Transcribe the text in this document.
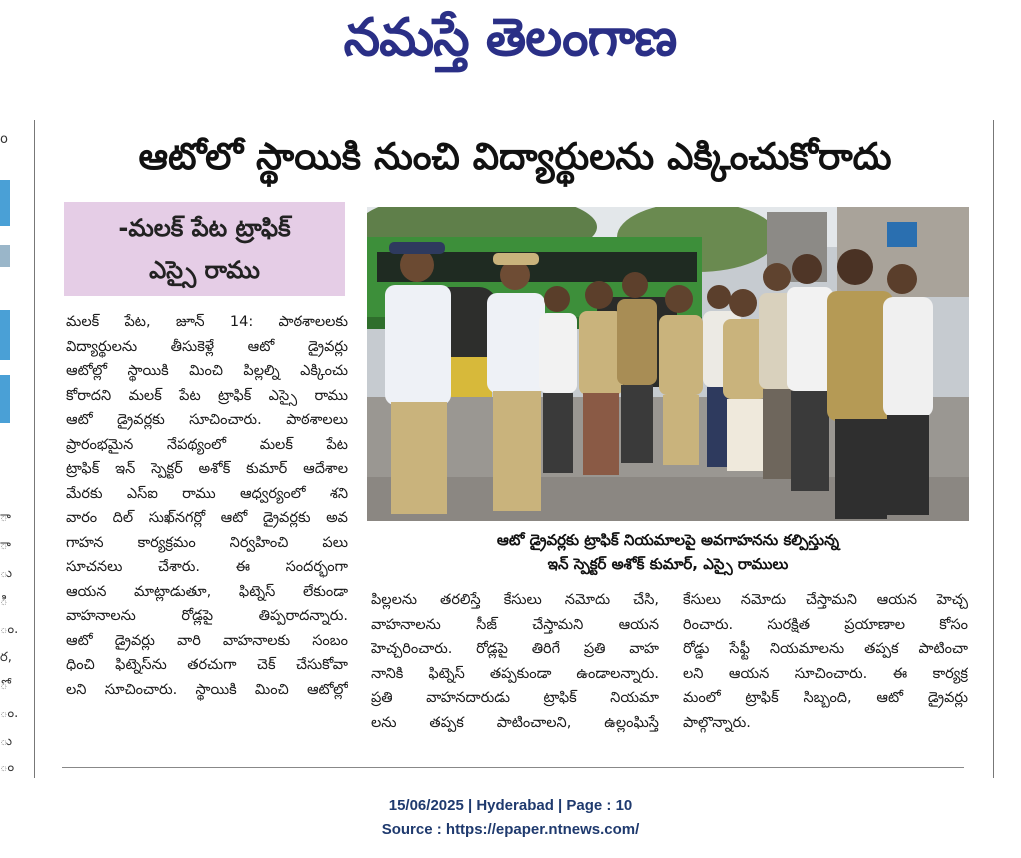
నమస్తే తెలంగాణ
o
ా
ా
ు
ి
ం.
ర,
ో
ం.
ు
ం
ఆటోలో స్థాయికి నుంచి విద్యార్థులను ఎక్కించుకోరాదు
-మలక్ పేట ట్రాఫిక్
ఎస్సై రాము
మలక్ పేట, జూన్ 14: పాఠశాలలకు
విద్యార్థులను తీసుకెళ్లే ఆటో డ్రైవర్లు
ఆటోల్లో స్థాయికి మించి పిల్లల్ని ఎక్కించు
కోరాదని మలక్ పేట ట్రాఫిక్ ఎస్సై రాము
ఆటో డ్రైవర్లకు సూచించారు. పాఠశాలలు
ప్రారంభమైన నేపథ్యంలో మలక్ పేట
ట్రాఫిక్ ఇన్ స్పెక్టర్ అశోక్ కుమార్ ఆదేశాల
మేరకు ఎస్ఐ రాము ఆధ్వర్యంలో శని
వారం దిల్ సుఖ్‌నగర్లో ఆటో డ్రైవర్లకు అవ
గాహన కార్యక్రమం నిర్వహించి పలు
సూచనలు చేశారు. ఈ సందర్భంగా
ఆయన మాట్లాడుతూ, ఫిట్నెస్ లేకుండా
వాహనాలను రోడ్లపై తిప్పరాదన్నారు.
ఆటో డ్రైవర్లు వారి వాహనాలకు సంబం
ధించి ఫిట్నెస్‌ను తరచుగా చెక్ చేసుకోవా
లని సూచించారు. స్థాయికి మించి ఆటోల్లో
ఆటో డ్రైవర్లకు ట్రాఫిక్ నియమాలపై అవగాహనను కల్పిస్తున్న
ఇన్ స్పెక్టర్ అశోక్ కుమార్, ఎస్సై రాములు
పిల్లలను తరలిస్తే కేసులు నమోదు చేసి,
వాహనాలను సీజ్ చేస్తామని ఆయన
హెచ్చరించారు. రోడ్లపై తిరిగే ప్రతి వాహ
నానికి ఫిట్నెస్ తప్పకుండా ఉండాలన్నారు.
ప్రతి వాహనదారుడు ట్రాఫిక్ నియమా
లను తప్పక పాటించాలని, ఉల్లంఘిస్తే
కేసులు నమోదు చేస్తామని ఆయన హెచ్చ
రించారు. సురక్షిత ప్రయాణాల కోసం
రోడ్డు సేఫ్టీ నియమాలను తప్పక పాటించా
లని ఆయన సూచించారు. ఈ కార్యక్ర
మంలో ట్రాఫిక్ సిబ్బంది, ఆటో డ్రైవర్లు
పాల్గొన్నారు.
15/06/2025 | Hyderabad | Page : 10
Source : https://epaper.ntnews.com/
